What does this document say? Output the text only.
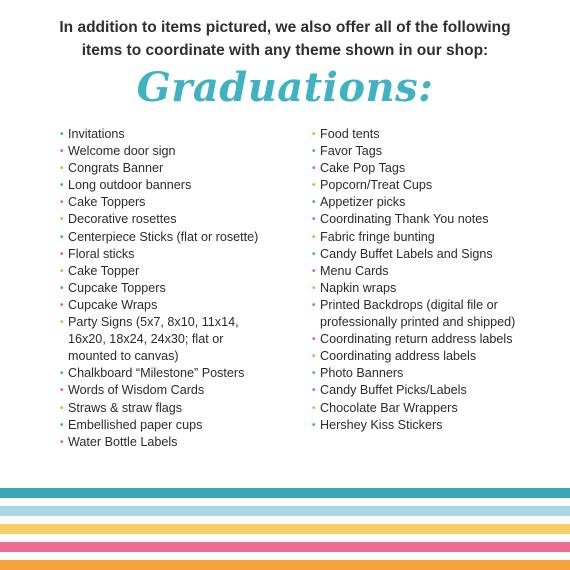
In addition to items pictured, we also offer all of the following
items to coordinate with any theme shown in our shop:
Graduations:
• Invitations
• Welcome door sign
• Congrats Banner
• Long outdoor banners
• Cake Toppers
• Decorative rosettes
• Centerpiece Sticks (flat or rosette)
• Floral sticks
• Cake Topper
• Cupcake Toppers
• Cupcake Wraps
• Party Signs (5x7, 8x10, 11x14,
16x20, 18x24, 24x30; flat or
mounted to canvas)
• Chalkboard “Milestone” Posters
• Words of Wisdom Cards
• Straws & straw flags
• Embellished paper cups
• Water Bottle Labels
• Food tents
• Favor Tags
• Cake Pop Tags
• Popcorn/Treat Cups
• Appetizer picks
• Coordinating Thank You notes
• Fabric fringe bunting
• Candy Buffet Labels and Signs
• Menu Cards
• Napkin wraps
• Printed Backdrops (digital file or
professionally printed and shipped)
• Coordinating return address labels
• Coordinating address labels
• Photo Banners
• Candy Buffet Picks/Labels
• Chocolate Bar Wrappers
• Hershey Kiss Stickers
